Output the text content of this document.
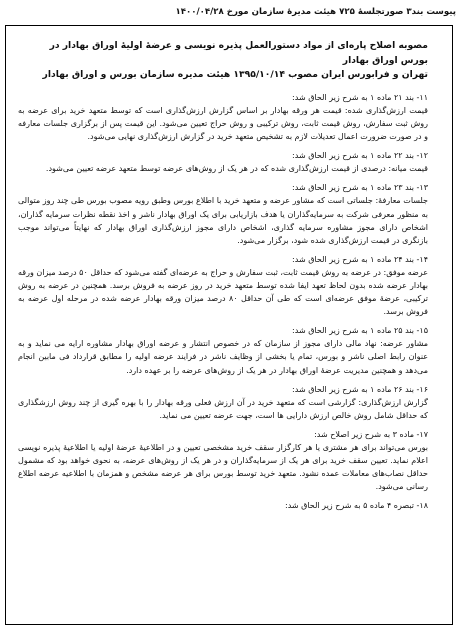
پیوست بند۳ صورتجلسهٔ ۷۲۵ هیئت مدیرهٔ سازمان مورخ ۱۴۰۰/۰۴/۲۸
مصوبه اصلاح پاره‌ای از مواد دستورالعمل پذیره نویسی و عرضهٔ اولیهٔ اوراق بهادار در بورس اوراق بهادار
تهران و فرابورس ایران مصوب ۱۳۹۵/۱۰/۱۴ هیئت مدیره سازمان بورس و اوراق بهادار
۱۱- بند ۲۱ ماده ۱ به شرح زیر الحاق شد:

قیمت ارزش‌گذاری شده: قیمت هر ورقه بهادار بر اساس گزارش ارزش‌گذاری است که توسط متعهد خرید برای عرضه به روش ثبت سفارش، روش قیمت ثابت، روش ترکیبی و روش حراج تعیین می‌شود. این قیمت پس از برگزاری جلسات معارفه و در صورت ضرورت اعمال تعدیلات لازم به تشخیص متعهد خرید در گزارش ارزش‌گذاری نهایی می‌شود.

۱۲- بند ۲۲ ماده ۱ به شرح زیر الحاق شد:

قیمت میانه: درصدی از قیمت ارزش‌گذاری شده که در هر یک از روش‌های عرضه توسط متعهد عرضه تعیین می‌شود.

۱۳- بند ۲۳ ماده ۱ به شرح زیر الحاق شد:

جلسات معارفهٔ: جلساتی است که مشاور عرضه و متعهد خرید با اطلاع بورس وطبق رویه مصوب بورس طی چند روز متوالی به منظور معرفی شرکت به سرمایه‌گذاران یا هدف بازاریابی برای یک اوراق بهادار ناشر و اخذ نقطه نظرات سرمایه گذاران، اشخاص دارای مجوز مشاوره سرمایه گذاری، اشخاص دارای مجوز ارزش‌گذاری اوراق بهادار که نهایتاً می‌تواند موجب بازنگری در قیمت ارزش‌گذاری شده شود، برگزار می‌شود.

۱۴- بند ۲۴ ماده ۱ به شرح زیر الحاق شد:

عرضه موفق: در عرضه به روش قیمت ثابت، ثبت سفارش و حراج به عرضه‌ای گفته می‌شود که حداقل ۵۰ درصد میزان ورقه بهادار عرضه شده بدون لحاظ تعهد ایفا شده توسط متعهد خرید در روز عرضه به فروش برسد. همچنین در عرضه به روش ترکیبی، عرضهٔ موفق عرضه‌ای است که طی آن حداقل ۸۰ درصد میزان ورقه بهادار عرضه شده در مرحله اول عرضه به فروش برسد.

۱۵- بند ۲۵ ماده ۱ به شرح زیر الحاق شد:

مشاور عرضه: نهاد مالی دارای مجوز از سازمان که در خصوص انتشار و عرضه اوراق بهادار مشاوره ارایه می نماید و به عنوان رابط اصلی ناشر و بورس، تمام یا بخشی از وظایف ناشر در فرایند عرضه اولیه را مطابق قرارداد فی مابین انجام می‌دهد و همچنین مدیریت عرضهٔ اوراق بهادار در هر یک از روش‌های عرضه را بر عهده دارد.

۱۶- بند ۲۶ ماده ۱ به شرح زیر الحاق شد:

گزارش ارزش‌گذاری: گزارشی است که متعهد خرید در آن ارزش فعلی ورقه بهادار را با بهره گیری از چند روش ارزشگذاری که حداقل شامل روش خالص ارزش دارایی ها است، جهت عرضه تعیین می نماید.

۱۷- ماده ۳ به شرح زیر اصلاح شد:

بورس می‌تواند برای هر مشتری یا هر کارگزار سقف خرید مشخصی تعیین و در اطلاعیهٔ عرضهٔ اولیه یا اطلاعیهٔ پذیره نویسی اعلام نماید. تعیین سقف خرید برای هر یک از سرمایه‌گذاران و در هر یک از روش‌های عرضه، به نحوی خواهد بود که مشمول حداقل نصاب‌های معاملات عمده نشود. متعهد خرید توسط بورس برای هر عرضه مشخص و همزمان با اطلاعیه عرضه اطلاع رسانی می‌شود.

۱۸- تبصره ۴ ماده ۵ به شرح زیر الحاق شد:
